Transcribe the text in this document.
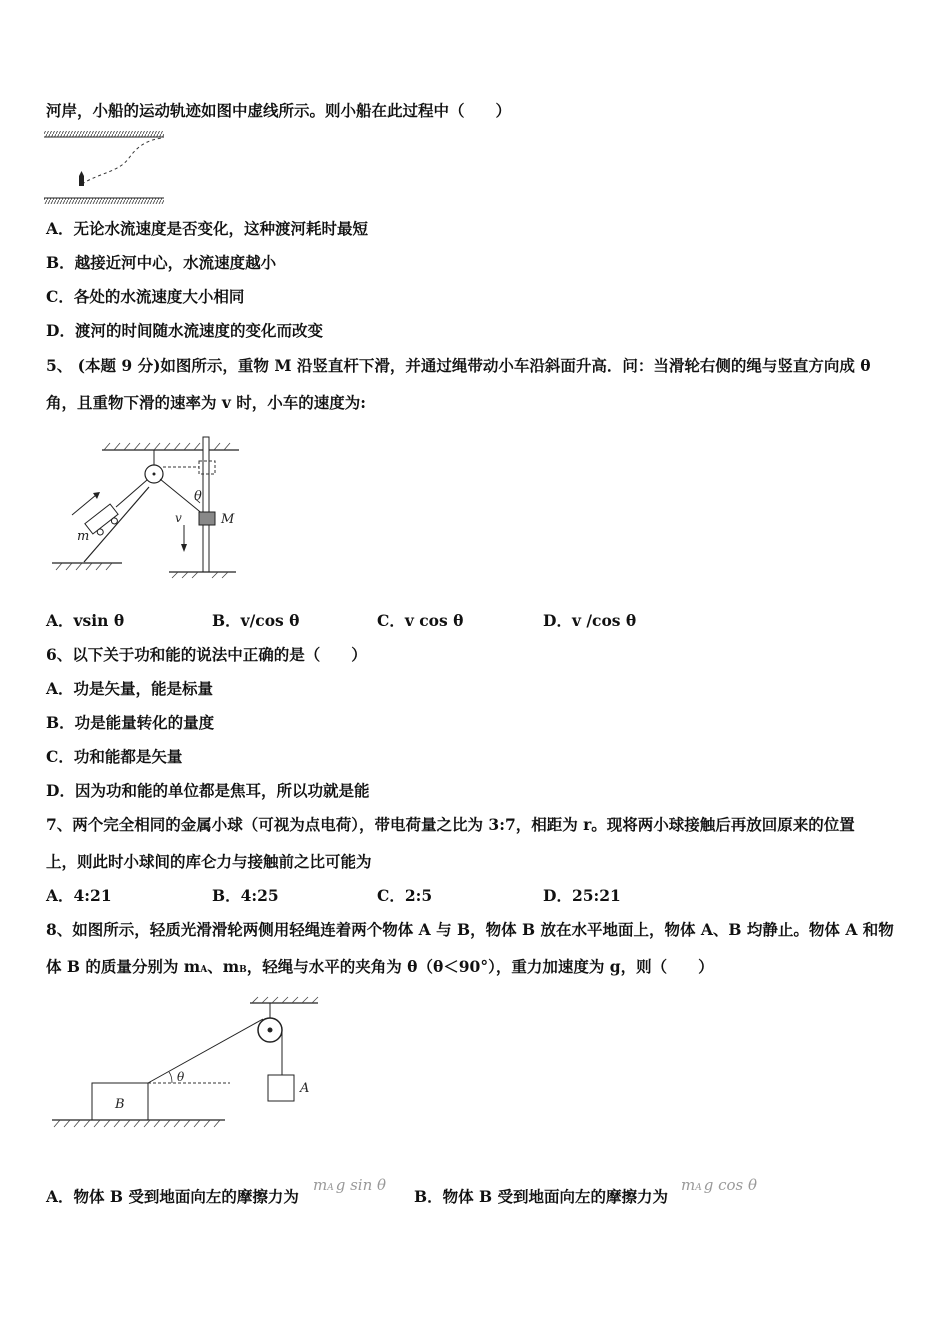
河岸，小船的运动轨迹如图中虚线所示。则小船在此过程中（　　）
A．无论水流速度是否变化，这种渡河耗时最短
B．越接近河中心，水流速度越小
C．各处的水流速度大小相同
D．渡河的时间随水流速度的变化而改变
5、 (本题 9 分)如图所示，重物 M 沿竖直杆下滑，并通过绳带动小车沿斜面升高．问：当滑轮右侧的绳与竖直方向成 θ
角，且重物下滑的速率为 v 时，小车的速度为:
θ
M
v
m
A．vsin θ	B．v/cos θ	C．v cos θ	D．v /cos θ
6、以下关于功和能的说法中正确的是（　　）
A．功是矢量，能是标量
B．功是能量转化的量度
C．功和能都是矢量
D．因为功和能的单位都是焦耳，所以功就是能
7、两个完全相同的金属小球（可视为点电荷），带电荷量之比为 3:7，相距为 r。现将两小球接触后再放回原来的位置
上，则此时小球间的库仑力与接触前之比可能为
A．4:21	B．4:25	C．2:5	D．25:21
8、如图所示，轻质光滑滑轮两侧用轻绳连着两个物体 A 与 B，物体 B 放在水平地面上，物体 A、B 均静止。物体 A 和物
体 B 的质量分别为 mA、mB，轻绳与水平的夹角为 θ（θ＜90°），重力加速度为 g，则（　　）
A
θ
B
A．物体 B 受到地面向左的摩擦力为
mA g sin θ
B．物体 B 受到地面向左的摩擦力为
mA g cos θ
